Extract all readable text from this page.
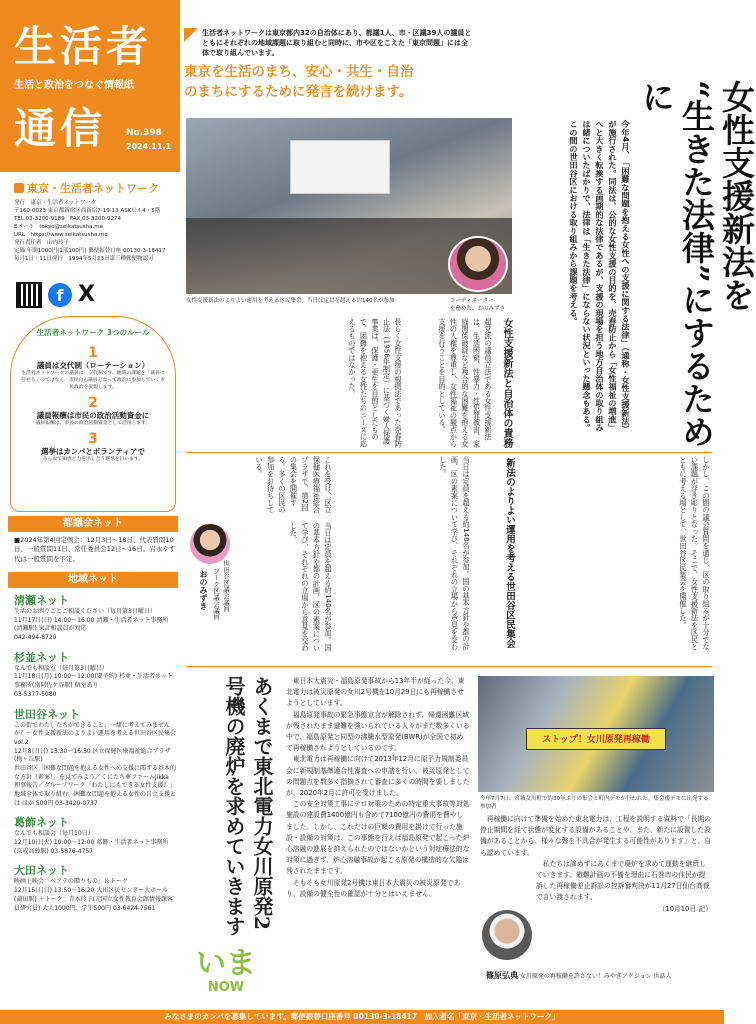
生活者
生活と政治をつなぐ情報紙
通信 No.398
2024.11.1
東京・生活者ネットワーク
発行　東京・生活者ネットワーク
〒160-0023 東京都新宿区西新宿7-19-13 ASKビル4・5階
TEL.03-3200-9189　FAX.03-3200-9274
Eメール　tokyo@seikatsusha.me
URL　https://www.seikatsusha.me
発行責任者　山内玲子
定価 年間1000円(1部100円) 郵便振替口座 00130-3-18417
毎月1日・11日発行　1994年5月23日第三種郵便物認可
f X
生活者ネットワーク 3つのルール
1
議員は交代制（ローテーション）
生活者ネットワークの議員は、交代制です。地域の課題を「議員に任せる」のではなく、市民自ら議員となって政治に参加していく市民政治を実現します。
2
議員報酬は市民の政治活動資金に
議員報酬は、市民の政治活動資金として活用します。
3
選挙はカンパとボランティアで
みんなで知恵と力を出し合う選挙を行います。
都議会ネット
■2024年第4回定例会：12月3日～18日、代表質問10日、一般質問11日、常任委員会12日～16日。岩永やす代は一般質問を予定。
地域ネット
清瀬ネット
生活のお困りごとご相談ください（毎月第3日曜日）
11月17日(日) 14:00～16:00 清瀬・生活者ネット事務所(清瀬駅) 家計相談員が対応
042-494-8720
杉並ネット
なんでも相談室（毎月第3日曜日）
11月18日(月) 10:00～12:00(要予約) 杉並・生活者ネット事務所(南阿佐ケ谷駅) 個室あり
03-5377-5080
世田谷ネット
この街でわたしたちができること、一緒に考えてみませんか？～女性支援新法のよりよい運用を考える世田谷区民集会 vol.2
12月8日(日) 13:30～16:30 区立保健医療福祉総合プラザ(梅ヶ丘駅)
世田谷区「困難な問題を抱える女性への支援に関する基本的な方針（素案）」を見てみよう／くにたち夢ファームJikka 理事報告／グループワーク「わたしにもできる女性支援？」地域全体で取り組む、困難な問題を抱える女性の自立支援とは ほか 500円 03-3420-0737
葛飾ネット
なんでも相談会（毎月10日）
12月10日(火) 10:00～12:00 葛飾・生活者ネット事務所(京成高砂駅) 03-5876-4757
大田ネット
映画上映会「ベアテの贈りもの」＆トーク
12月15日(日) 13:50～16:20 大田区民センター大ホール(蒲田駅) ＋トーク：青木玲子(元国立女性教育会館情報課客員研究員) 大人1000円、学生500円 03-6424-7561
生活者ネットワークは東京都内32の自治体にあり、都議1人、市・区議39人の議員とともにそれぞれの地域課題に取り組むと同時に、市や区をこえた「東京問題」には全体で取り組んでいます。
東京を生活のまち、安心・共生・自治
のまちにするために発言を続けます。
女性支援新法のよりよい運用を考える区民集会。当日は定員を超える約140名が参加	コーディネーター
を務めた、おのみずき	女性支援新法を
“生きた法律”にするために
今年4月、「困難な問題を抱える女性への支援に関する法律」（通称・女性支援新法）が施行された。同法は、公的な女性支援の目的を、売春防止から「女性福祉の増進」へと大きく転換する画期的な法律であるが、支援の現場を担う地方自治体の取り組みは緒についたばかりで、法律は「生きた法律」にならない状況といった懸念もある。この間の世田谷区における取り組みから課題を考える。
女性支援新法と自治体の責務
超党派の議員立法である女性支援新法は、生活困窮、性暴力・性犯罪被害、家庭関係破綻など複合的な困難を抱える女性の人権を尊重し、女性福祉の観点から支援を行うことを目的としている。
長らく女性支援の根拠法であった売春防止法（1956年制定）に基づく婦人保護事業は、保護・更生を目的としたもので、困難を抱える女性たちのニーズに応えるものではなかった。
しかし、この間の議会質問を通じ、区の取り組みが十分でない課題が浮き彫りとなった。そこで、女性支援新法を区民とともに考える場として、世田谷区民集会を開催した。
新法のよりよい運用を考える世田谷区民集会
当日は定員を超える約140名が参加。国の基本方針や都の計画、区の素案について学び、それぞれの立場から意見を交わした。
これを受け、区立保健医療福祉総合プラザで、第2回の集会を開催する。多くの区民の参加をお待ちしている。
世田谷区議会議員
ワーク区議会議員
おのみずき	当日は定員を超える約140名が参加。国の基本方針や都の計画、区の素案について学び、それぞれの立場から意見を交わした。
あくまで東北電力女川原発2号機の廃炉を求めていきます
いま
NOW

東日本大震災・福島原発事故から13年半が経った今、東北電力は被災原発の女川2号機を10月29日にも再稼働させようとしています。

福島原発事故の緊急事態宣言が解除されず、帰還困難区域が残されたまま避難を強いられている人々がまだ数多くいる中で、福島原発と同型の沸騰水型原発(BWR)が全国で初めて再稼働されようとしているのです。

東北電力は再稼働に向けて2013年12月に原子力規制委員会に新規制基準適合性審査への申請を行い、被災原発としての問題点を数多く指摘されて審査に多くの時間を要しましたが、2020年2月に許可を受けました。

この安全対策工事にテロ対策のための特定重大事故等対処施設の建設費1400億円も含めて7100億円の費用を費やしました。しかし、これだけの巨額の費用を掛けて行った施設・設備の対策は、この事態を行えば福島原発で起こった炉心溶融の進展を抑えられたのではないかという対症療法的な対策に過ぎず、炉心溶融事故が起こる原発の構造的な欠陥は残されたままです。

そもそも女川原発2号機は東日本大震災の被災原発であり、設備の健全性の確認が十分とはいえません。

ストップ！女川原発再稼働
今年7月7日、宮城女川町で約30年ぶりの集会と町内デモが行われた。集会後デモに出発する参加者

再稼働に向けて準備を始めた東北電力は、工程を説明する資料で「長期の停止期間を経て状態が変化する設備があることや、また、新たに設置した設備があることから、様々な聲を不具合が発生する可能性があります」と、自ら認めています。

私たちは諦めずにあくまで廃炉を求めて運動を継続していきます。避難計画の不備を理由に石巻市の住民が提訴した再稼働差止訴訟の控訴審判決が11月27日仙台高裁で言い渡されます。

（10月10日 記）

篠原弘典 女川原発の再稼働を許さない！みやぎアクション 世話人
みなさまのカンパを募集しています。郵便振替口座番号 00130-3-18417　加入者名「東京・生活者ネットワーク」
